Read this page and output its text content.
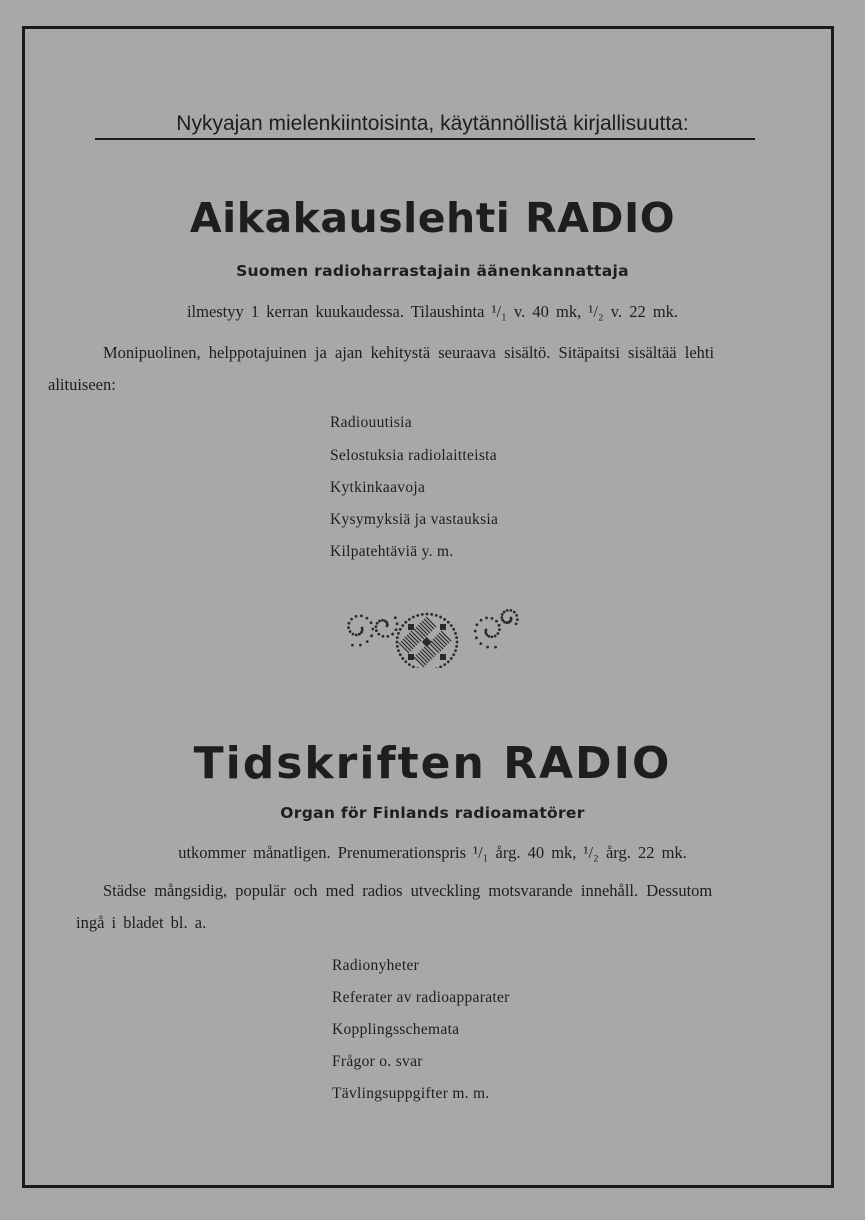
Nykyajan mielenkiintoisinta, käytännöllistä kirjallisuutta:
Aikakauslehti RADIO
Suomen radioharrastajain äänenkannattaja
ilmestyy 1 kerran kuukaudessa. Tilaushinta ¹/₁ v. 40 mk, ¹/₂ v. 22 mk.
Monipuolinen, helppotajuinen ja ajan kehitystä seuraava sisältö. Sitäpaitsi sisältää lehti
alituiseen:
Radiouutisia
Selostuksia radiolaitteista
Kytkinkaavoja
Kysymyksiä ja vastauksia
Kilpatehtäviä y. m.
Tidskriften RADIO
Organ för Finlands radioamatörer
utkommer månatligen. Prenumerationspris ¹/₁ årg. 40 mk, ¹/₂ årg. 22 mk.
Städse mångsidig, populär och med radios utveckling motsvarande innehåll. Dessutom
ingå i bladet bl. a.
Radionyheter
Referater av radioapparater
Kopplingsschemata
Frågor o. svar
Tävlingsuppgifter m. m.
